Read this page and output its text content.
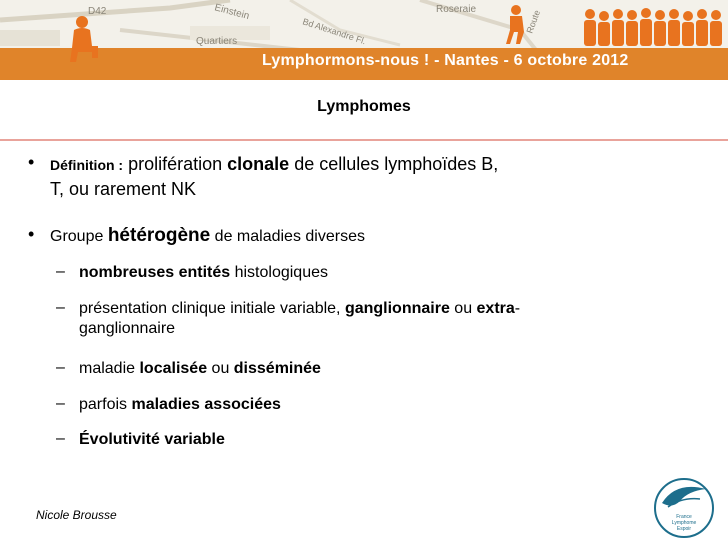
D42	Einstein
Quartiers
Roseraie
Bd Alexandre Fl.	Route
Lymphormons-nous ! - Nantes - 6 octobre 2012
Lymphomes
• Définition : prolifération clonale de cellules lymphoïdes B,
T, ou rarement NK
• Groupe hétérogène de maladies diverses
– nombreuses entités histologiques
– présentation clinique initiale variable, ganglionnaire ou extra-
ganglionnaire
– maladie localisée ou disséminée
– parfois maladies associées
– Évolutivité variable
Nicole Brousse	France
Lymphome
Espoir
